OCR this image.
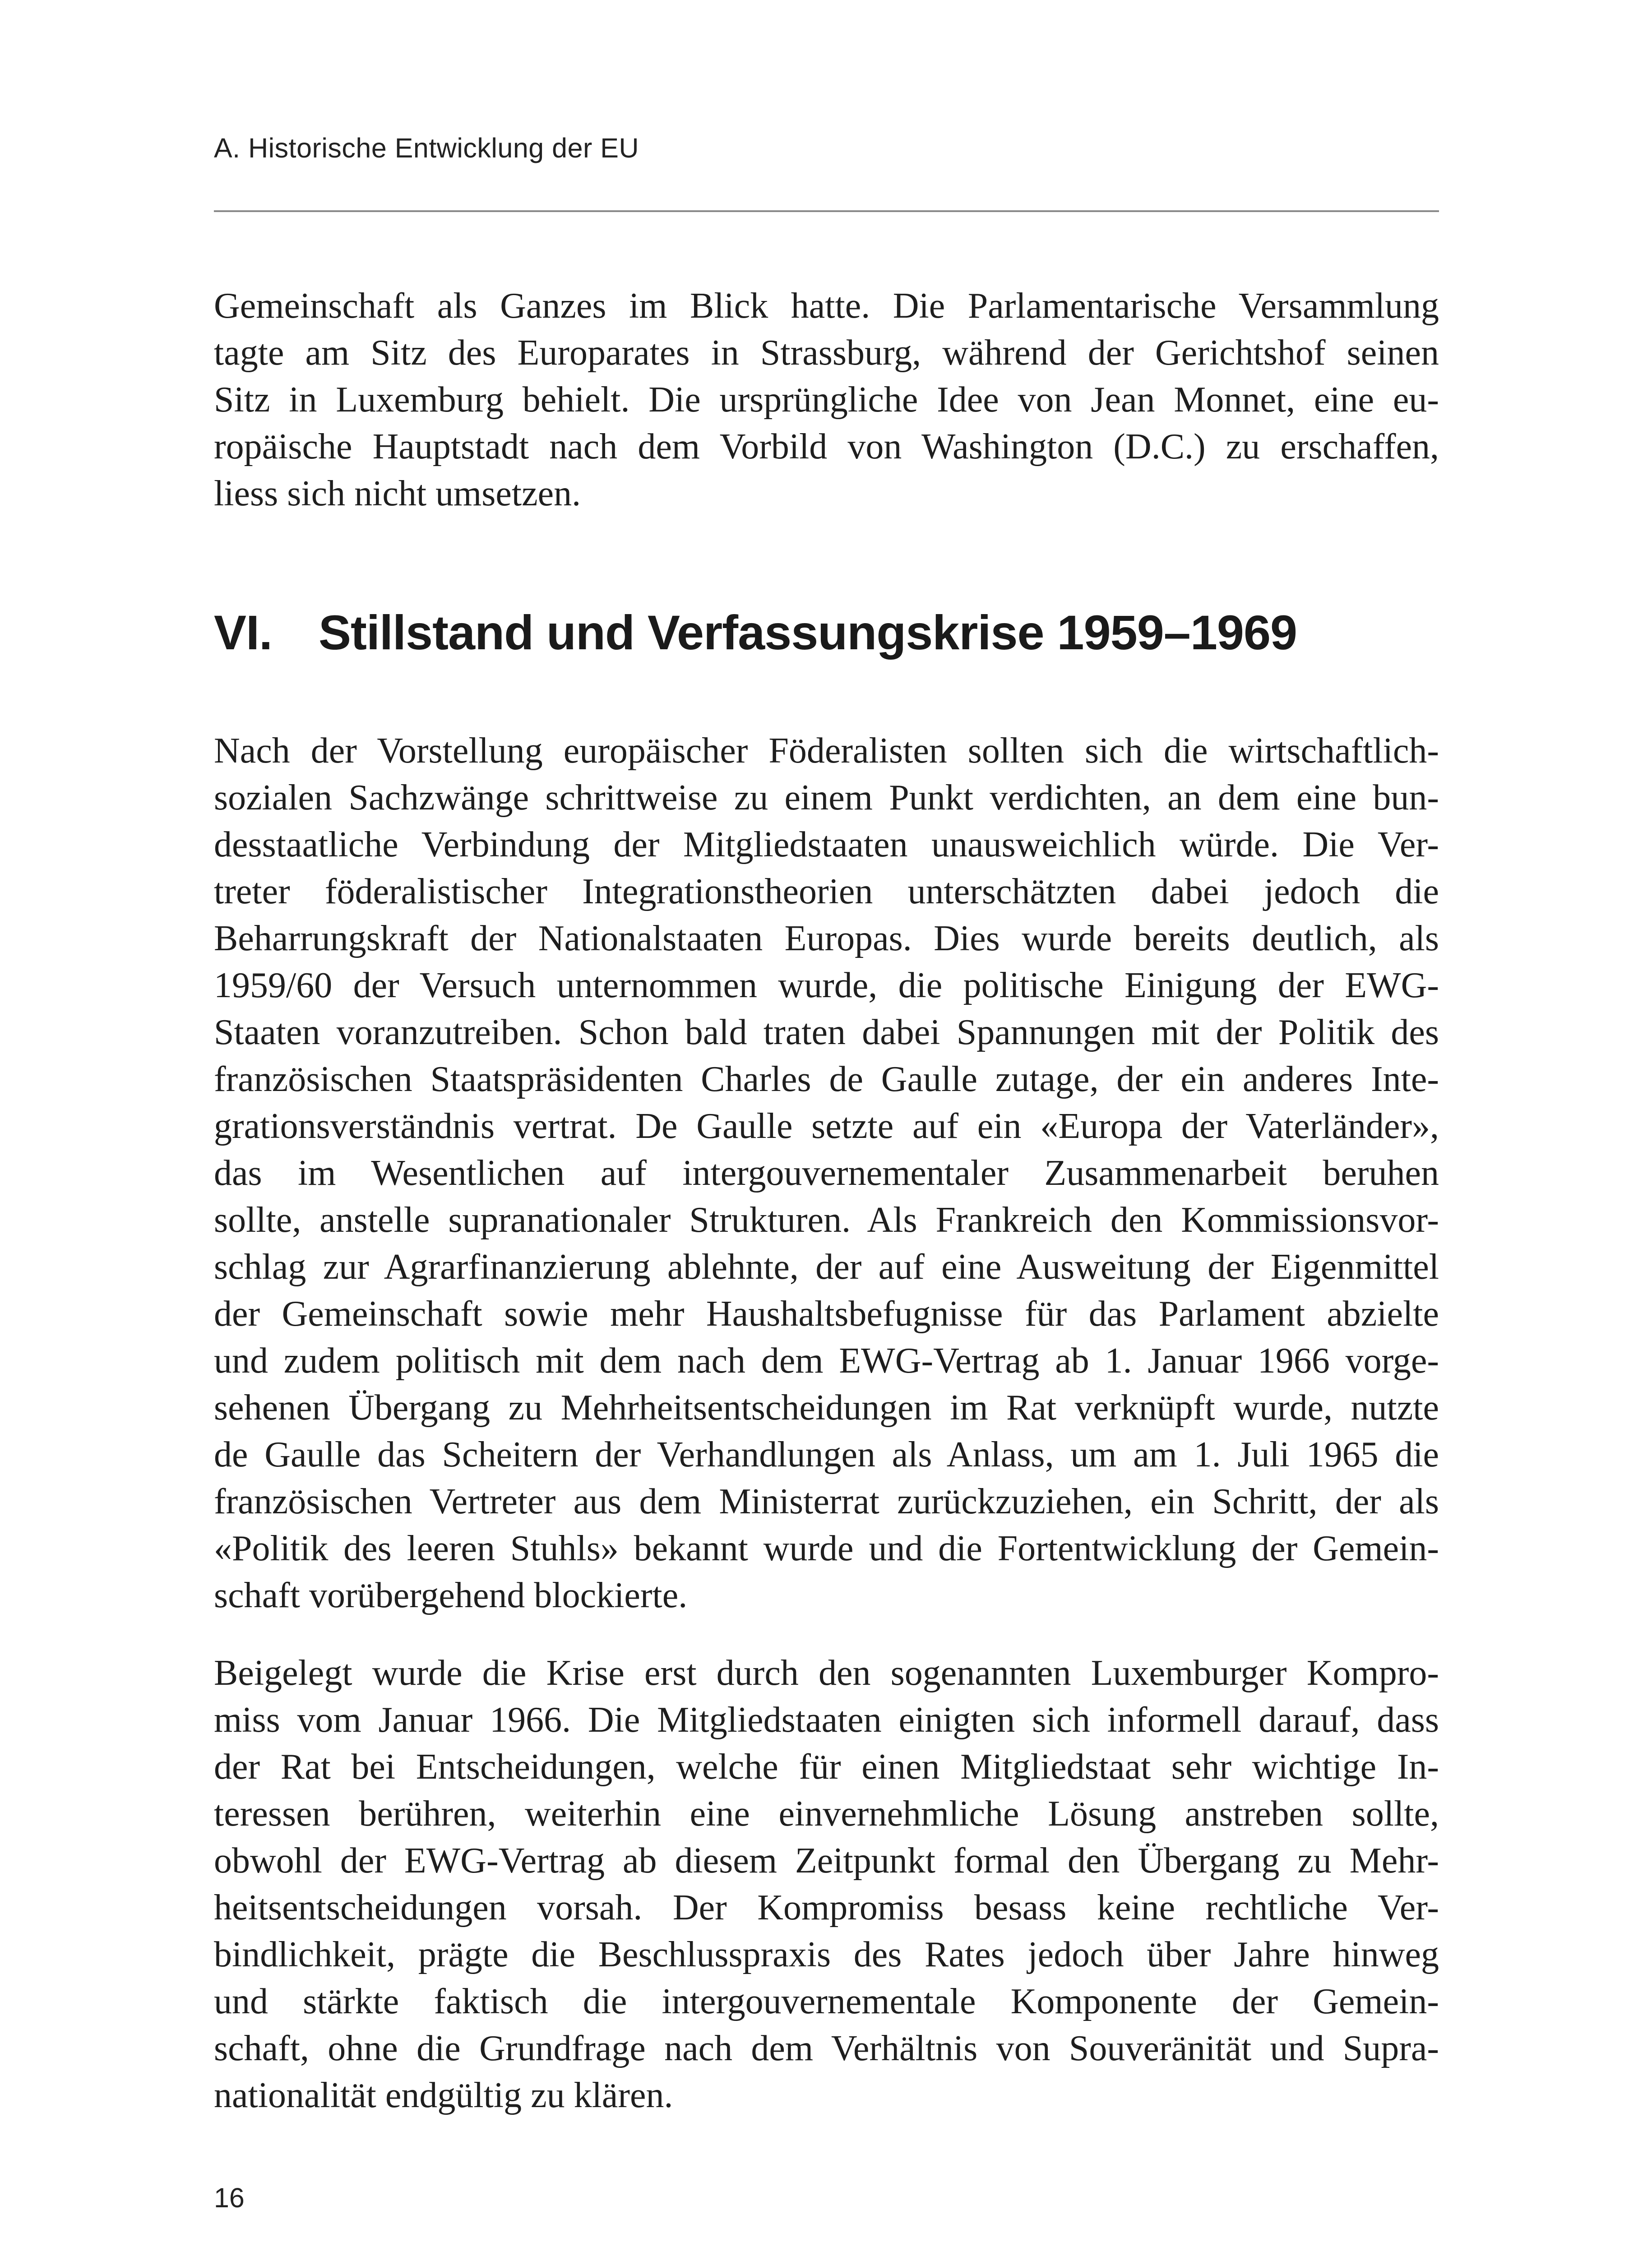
A. Historische Entwicklung der EU

Gemeinschaft als Ganzes im Blick hatte. Die Parlamentarische Versammlung
tagte am Sitz des Europarates in Strassburg, während der Gerichtshof seinen
Sitz in Luxemburg behielt. Die ursprüngliche Idee von Jean Monnet, eine eu-
ropäische Hauptstadt nach dem Vorbild von Washington (D.C.) zu erschaffen,
liess sich nicht umsetzen.

VI. Stillstand und Verfassungskrise 1959–1969

Nach der Vorstellung europäischer Föderalisten sollten sich die wirtschaftlich-
sozialen Sachzwänge schrittweise zu einem Punkt verdichten, an dem eine bun-
desstaatliche Verbindung der Mitgliedstaaten unausweichlich würde. Die Ver-
treter föderalistischer Integrationstheorien unterschätzten dabei jedoch die
Beharrungskraft der Nationalstaaten Europas. Dies wurde bereits deutlich, als
1959/60 der Versuch unternommen wurde, die politische Einigung der EWG-
Staaten voranzutreiben. Schon bald traten dabei Spannungen mit der Politik des
französischen Staatspräsidenten Charles de Gaulle zutage, der ein anderes Inte-
grationsverständnis vertrat. De Gaulle setzte auf ein «Europa der Vaterländer»,
das im Wesentlichen auf intergouvernementaler Zusammenarbeit beruhen
sollte, anstelle supranationaler Strukturen. Als Frankreich den Kommissionsvor-
schlag zur Agrarfinanzierung ablehnte, der auf eine Ausweitung der Eigenmittel
der Gemeinschaft sowie mehr Haushaltsbefugnisse für das Parlament abzielte
und zudem politisch mit dem nach dem EWG-Vertrag ab 1. Januar 1966 vorge-
sehenen Übergang zu Mehrheitsentscheidungen im Rat verknüpft wurde, nutzte
de Gaulle das Scheitern der Verhandlungen als Anlass, um am 1. Juli 1965 die
französischen Vertreter aus dem Ministerrat zurückzuziehen, ein Schritt, der als
«Politik des leeren Stuhls» bekannt wurde und die Fortentwicklung der Gemein-
schaft vorübergehend blockierte.

Beigelegt wurde die Krise erst durch den sogenannten Luxemburger Kompro-
miss vom Januar 1966. Die Mitgliedstaaten einigten sich informell darauf, dass
der Rat bei Entscheidungen, welche für einen Mitgliedstaat sehr wichtige In-
teressen berühren, weiterhin eine einvernehmliche Lösung anstreben sollte,
obwohl der EWG-Vertrag ab diesem Zeitpunkt formal den Übergang zu Mehr-
heitsentscheidungen vorsah. Der Kompromiss besass keine rechtliche Ver-
bindlichkeit, prägte die Beschlusspraxis des Rates jedoch über Jahre hinweg
und stärkte faktisch die intergouvernementale Komponente der Gemein-
schaft, ohne die Grundfrage nach dem Verhältnis von Souveränität und Supra-
nationalität endgültig zu klären.

16
